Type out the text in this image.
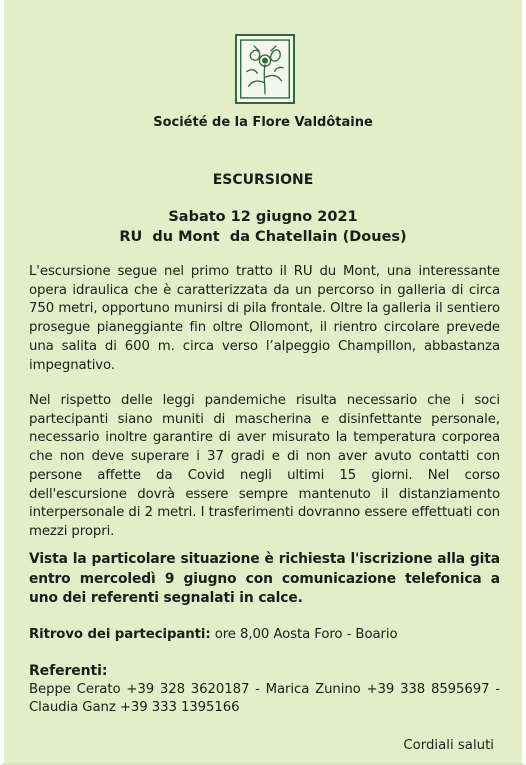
Société de la Flore Valdôtaine
ESCURSIONE
Sabato 12 giugno 2021
RU  du Mont  da Chatellain (Doues)
L'escursione segue nel primo tratto il RU du Mont, una interessante opera idraulica che è caratterizzata da un percorso in galleria di circa 750 metri, opportuno munirsi di pila frontale. Oltre la galleria il sentiero prosegue pianeggiante fin oltre Ollomont, il rientro circolare prevede una salita di 600 m. circa verso l’alpeggio Champillon, abbastanza impegnativo.
Nel rispetto delle leggi pandemiche risulta necessario che i soci partecipanti siano muniti di mascherina e disinfettante personale, necessario inoltre garantire di aver misurato la temperatura corporea che non deve superare i 37 gradi e di non aver avuto contatti con persone affette da Covid negli ultimi 15 giorni. Nel corso dell'escursione dovrà essere sempre mantenuto il distanziamento interpersonale di 2 metri. I trasferimenti dovranno essere effettuati con mezzi propri.
Vista la particolare situazione è richiesta l'iscrizione alla gita entro mercoledì 9 giugno con comunicazione telefonica a uno dei referenti segnalati in calce.
Ritrovo dei partecipanti: ore 8,00 Aosta Foro - Boario
Referenti:
Beppe Cerato +39 328 3620187 - Marica Zunino +39 338 8595697 - Claudia Ganz +39 333 1395166
Cordiali saluti
